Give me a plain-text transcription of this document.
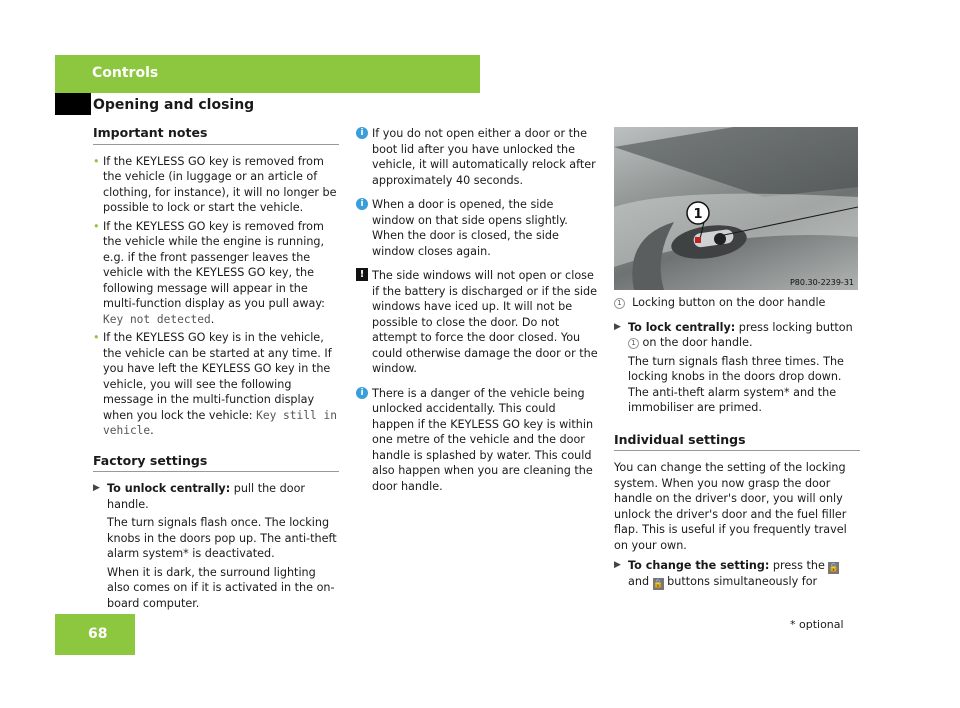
Controls
Opening and closing
Important notes
• If the KEYLESS GO key is removed from the vehicle (in luggage or an article of clothing, for instance), it will no longer be possible to lock or start the vehicle.
• If the KEYLESS GO key is removed from the vehicle while the engine is running, e.g. if the front passenger leaves the vehicle with the KEYLESS GO key, the following message will appear in the multi-function display as you pull away: Key not detected.
• If the KEYLESS GO key is in the vehicle, the vehicle can be started at any time. If you have left the KEYLESS GO key in the vehicle, you will see the following message in the multi-function display when you lock the vehicle: Key still in vehicle.
Factory settings
▶ To unlock centrally: pull the door handle.
The turn signals flash once. The locking knobs in the doors pop up. The anti-theft alarm system* is deactivated.
When it is dark, the surround lighting also comes on if it is activated in the on-board computer.
i If you do not open either a door or the boot lid after you have unlocked the vehicle, it will automatically relock after approximately 40 seconds.
i When a door is opened, the side window on that side opens slightly. When the door is closed, the side window closes again.
! The side windows will not open or close if the battery is discharged or if the side windows have iced up. It will not be possible to close the door. Do not attempt to force the door closed. You could otherwise damage the door or the window.
i There is a danger of the vehicle being unlocked accidentally. This could happen if the KEYLESS GO key is within one metre of the vehicle and the door handle is splashed by water. This could also happen when you are cleaning the door handle.
1
P80.30-2239-31
1 Locking button on the door handle
▶ To lock centrally: press locking button
1 on the door handle.
The turn signals flash three times. The locking knobs in the doors drop down. The anti-theft alarm system* and the immobiliser are primed.
Individual settings
You can change the setting of the locking system. When you now grasp the door handle on the driver's door, you will only unlock the driver's door and the fuel filler flap. This is useful if you frequently travel on your own.
▶ To change the setting: press the 🔓
and 🔒 buttons simultaneously for
68
* optional
